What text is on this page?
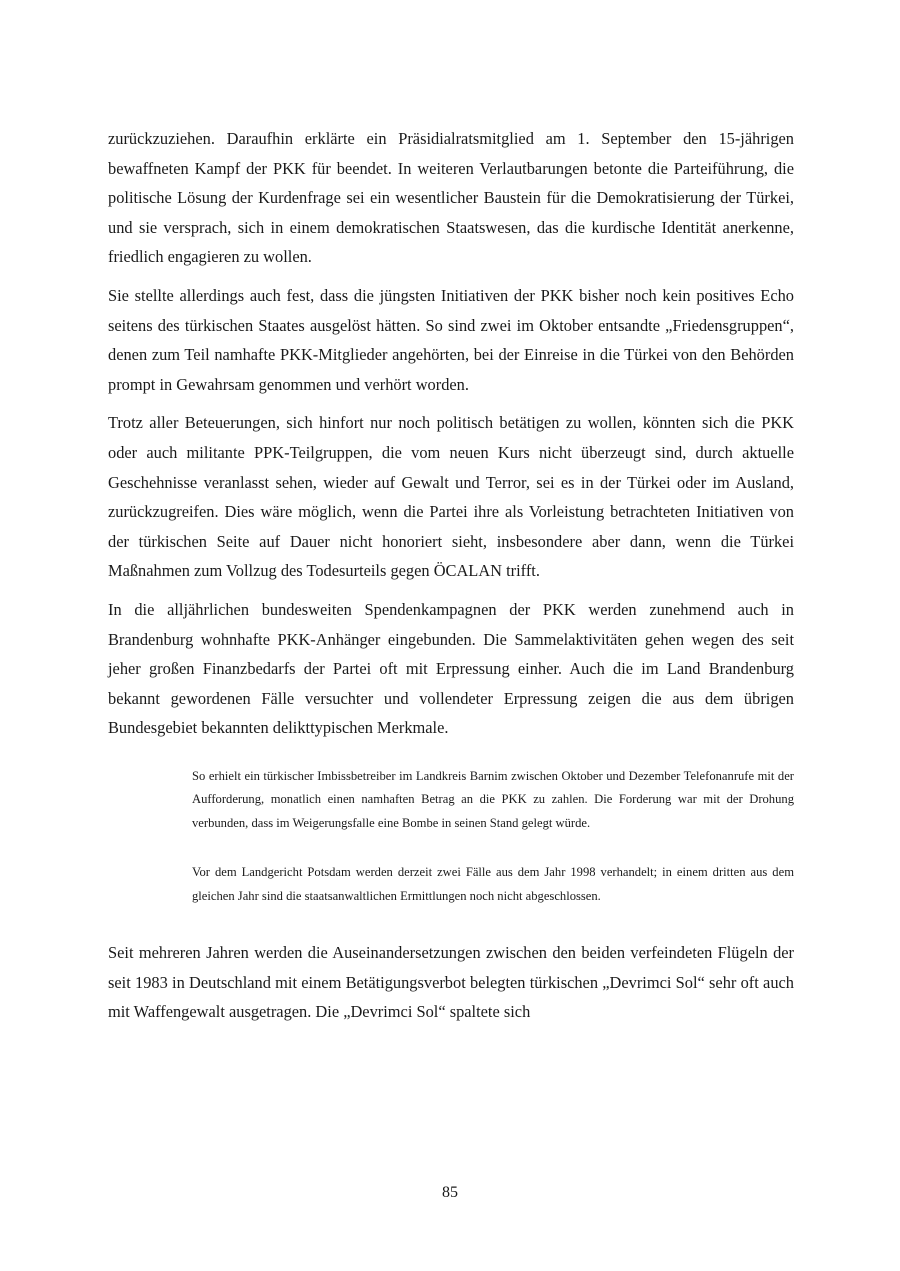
zurückzuziehen. Daraufhin erklärte ein Präsidialratsmitglied am 1. September den 15-jährigen bewaffneten Kampf der PKK für beendet. In weiteren Verlautbarungen betonte die Parteiführung, die politische Lösung der Kurdenfrage sei ein wesentlicher Baustein für die Demokratisierung der Türkei, und sie versprach, sich in einem demokratischen Staatswesen, das die kurdische Identität anerkenne, friedlich engagieren zu wollen.

Sie stellte allerdings auch fest, dass die jüngsten Initiativen der PKK bisher noch kein positives Echo seitens des türkischen Staates ausgelöst hätten. So sind zwei im Oktober entsandte „Friedensgruppen“, denen zum Teil namhafte PKK-Mitglieder angehörten, bei der Einreise in die Türkei von den Behörden prompt in Gewahrsam genommen und verhört worden.

Trotz aller Beteuerungen, sich hinfort nur noch politisch betätigen zu wollen, könnten sich die PKK oder auch militante PPK-Teilgruppen, die vom neuen Kurs nicht überzeugt sind, durch aktuelle Geschehnisse veranlasst sehen, wieder auf Gewalt und Terror, sei es in der Türkei oder im Ausland, zurückzugreifen. Dies wäre möglich, wenn die Partei ihre als Vorleistung betrachteten Initiativen von der türkischen Seite auf Dauer nicht honoriert sieht, insbesondere aber dann, wenn die Türkei Maßnahmen zum Vollzug des Todesurteils gegen ÖCALAN trifft.

In die alljährlichen bundesweiten Spendenkampagnen der PKK werden zunehmend auch in Brandenburg wohnhafte PKK-Anhänger eingebunden. Die Sammelaktivitäten gehen wegen des seit jeher großen Finanzbedarfs der Partei oft mit Erpressung einher. Auch die im Land Brandenburg bekannt gewordenen Fälle versuchter und vollendeter Erpressung zeigen die aus dem übrigen Bundesgebiet bekannten delikttypischen Merkmale.

So erhielt ein türkischer Imbissbetreiber im Landkreis Barnim zwischen Oktober und Dezember Telefonanrufe mit der Aufforderung, monatlich einen namhaften Betrag an die PKK zu zahlen. Die Forderung war mit der Drohung verbunden, dass im Weigerungsfalle eine Bombe in seinen Stand gelegt würde.

Vor dem Landgericht Potsdam werden derzeit zwei Fälle aus dem Jahr 1998 verhandelt; in einem dritten aus dem gleichen Jahr sind die staatsanwaltlichen Ermittlungen noch nicht abgeschlossen.

Seit mehreren Jahren werden die Auseinandersetzungen zwischen den beiden verfeindeten Flügeln der seit 1983 in Deutschland mit einem Betätigungsverbot belegten türkischen „Devrimci Sol“ sehr oft auch mit Waffengewalt ausgetragen. Die „Devrimci Sol“ spaltete sich

85
